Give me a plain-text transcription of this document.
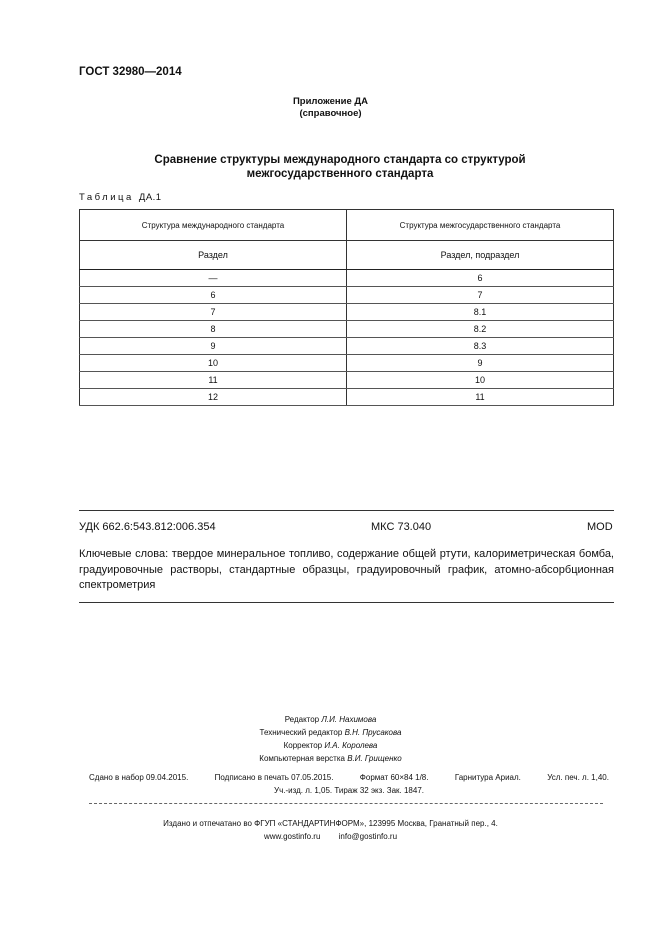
ГОСТ 32980—2014
Приложение ДА
(справочное)
Сравнение структуры международного стандарта со структурой
межгосударственного стандарта
Таблица ДА.1
Структура международного стандарта	Структура межгосударственного стандарта
Раздел	Раздел, подраздел
—	6
6	7
7	8.1
8	8.2
9	8.3
10	9
11	10
12	11
УДК 662.6:543.812:006.354	МКС 73.040	MOD
Ключевые слова: твердое минеральное топливо, содержание общей ртути, калориметрическая бомба, градуировочные растворы, стандартные образцы, градуировочный график, атомно-абсорбционная спектрометрия
Редактор Л.И. Нахимова
Технический редактор В.Н. Прусакова
Корректор И.А. Королева
Компьютерная верстка В.И. Грищенко
Сдано в набор 09.04.2015.	Подписано в печать 07.05.2015.	Формат 60×84 1/8.	Гарнитура Ариал.	Усл. печ. л. 1,40.
Уч.-изд. л. 1,05. Тираж 32 экз. Зак. 1847.
Издано и отпечатано во ФГУП «СТАНДАРТИНФОРМ», 123995 Москва, Гранатный пер., 4.
www.gostinfo.ru info@gostinfo.ru
